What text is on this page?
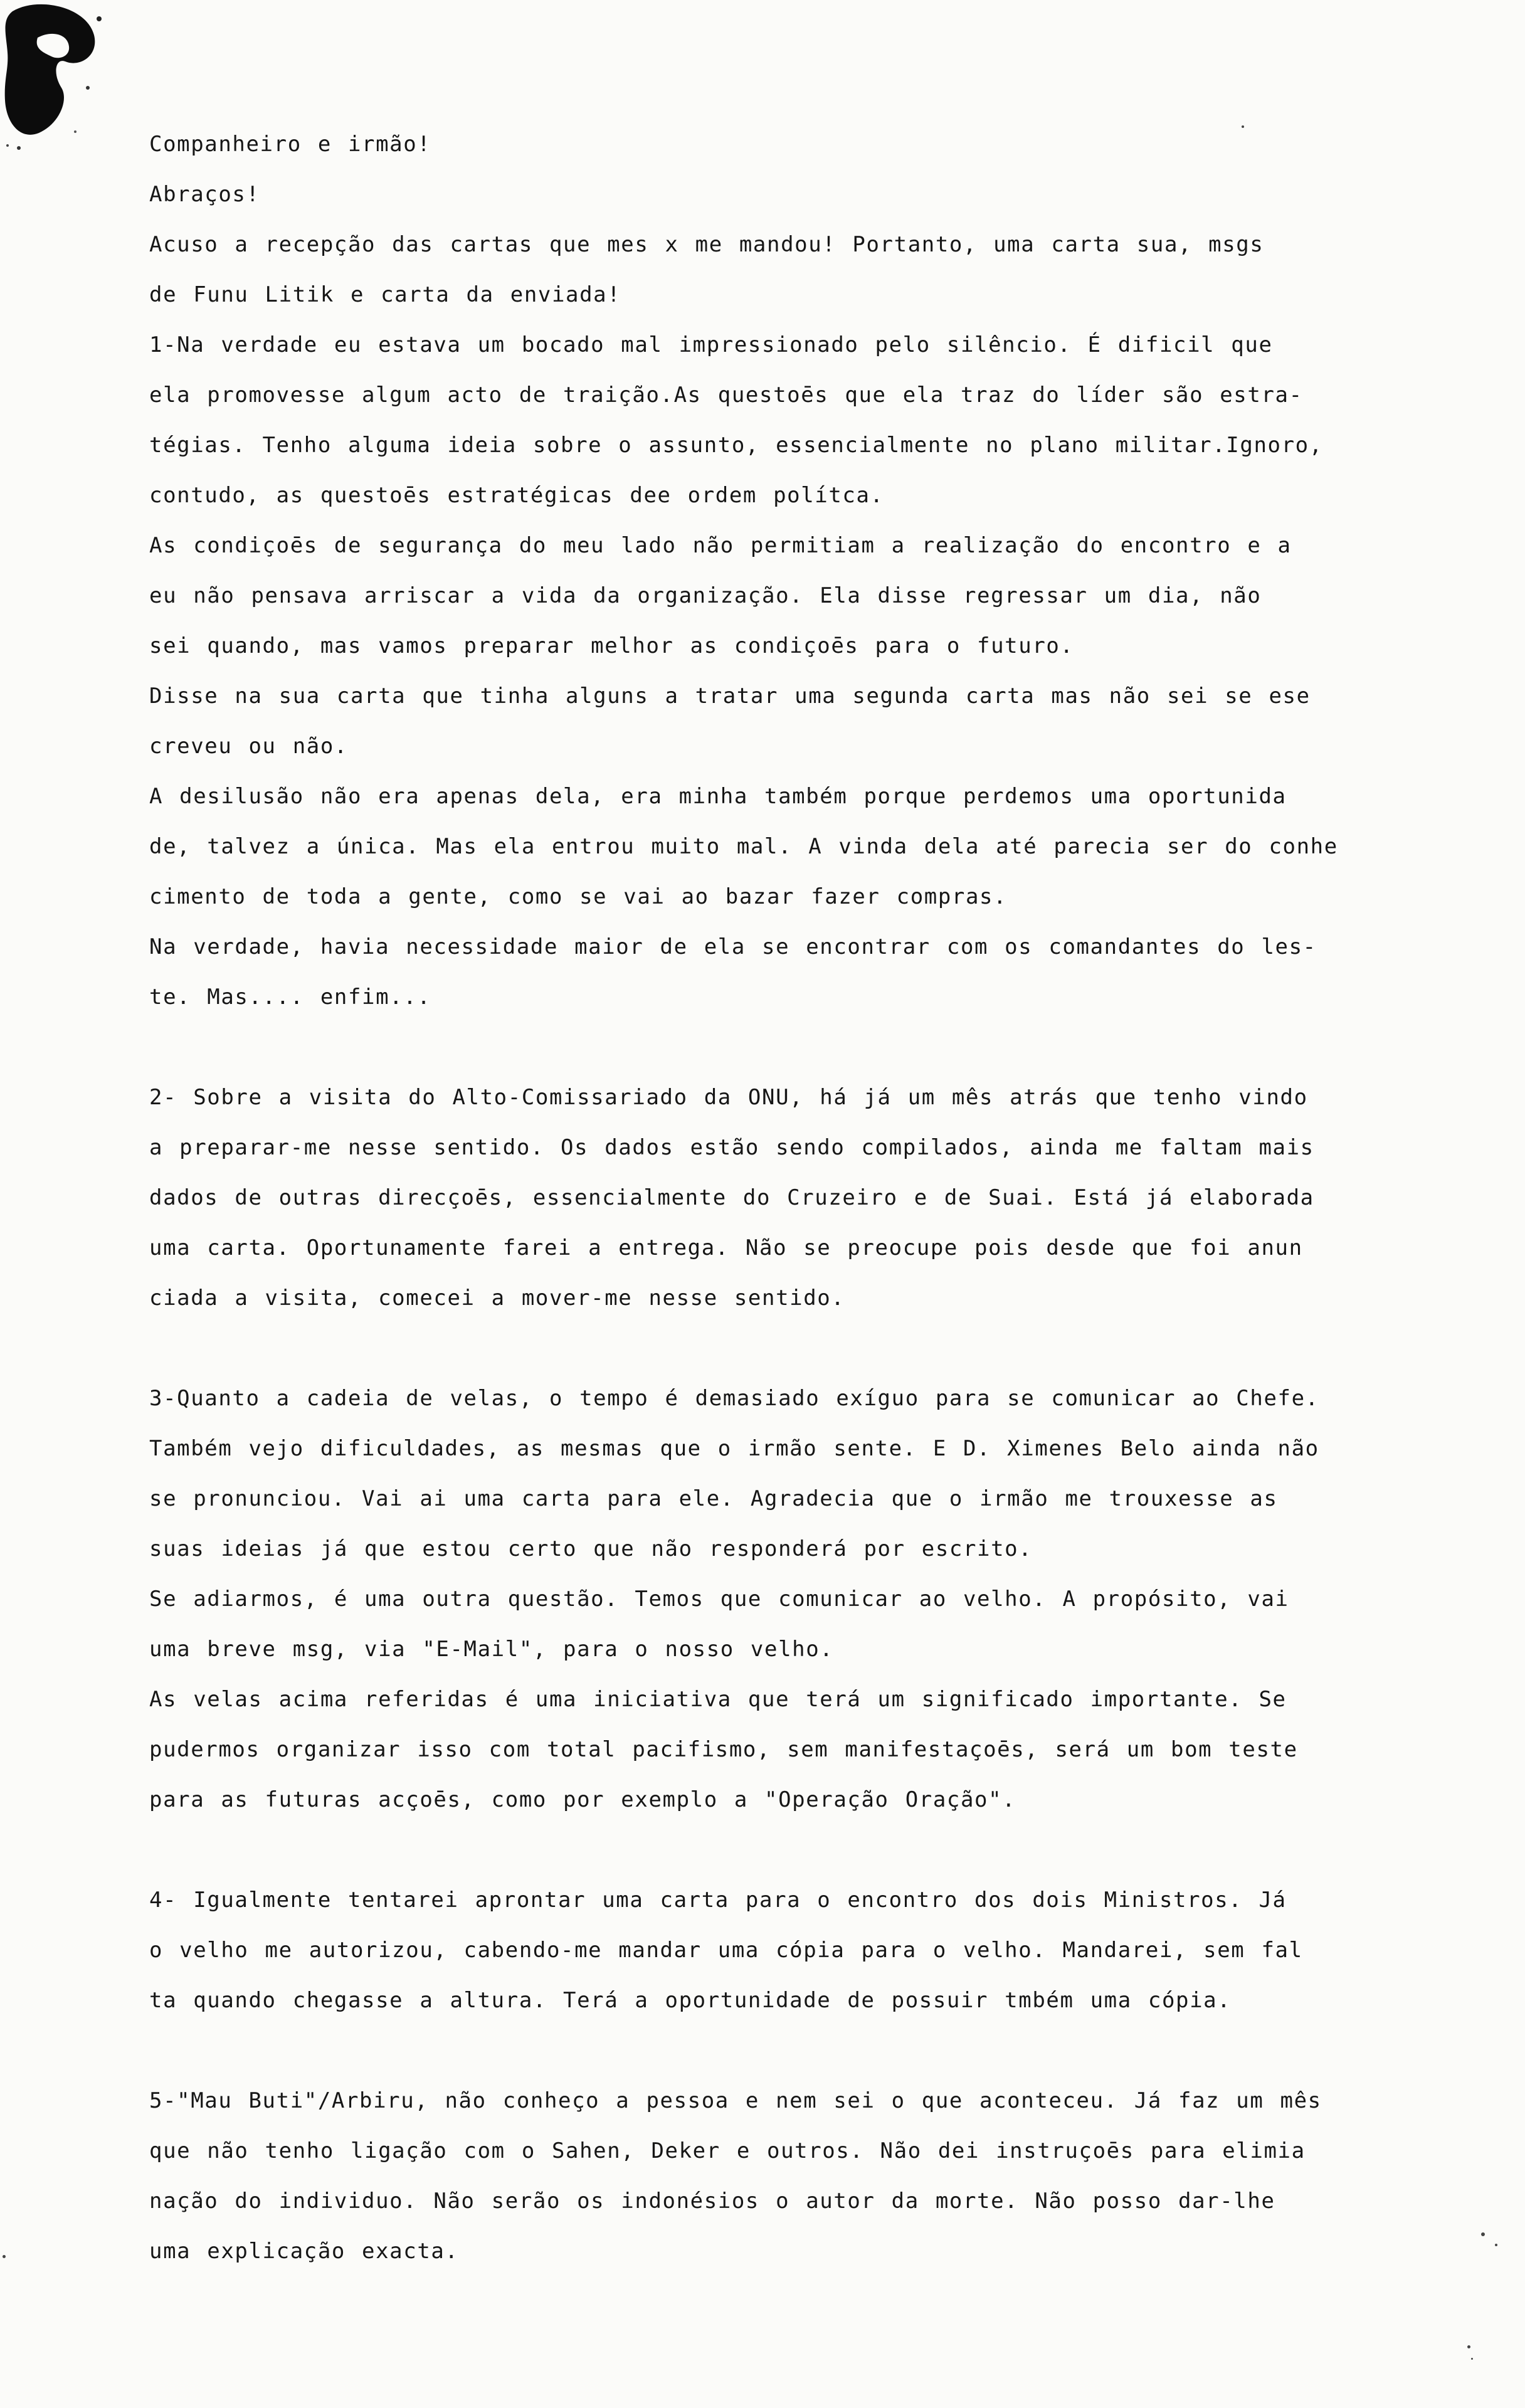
Companheiro e irmão!
Abraços!
Acuso a recepção das cartas que mes x me mandou! Portanto, uma carta sua, msgs
de Funu Litik e carta da enviada!
1-Na verdade eu estava um bocado mal impressionado pelo silêncio. É dificil que
ela promovesse algum acto de traição.As questoēs que ela traz do líder são estra-
tégias. Tenho alguma ideia sobre o assunto, essencialmente no plano militar.Ignoro,
contudo, as questoēs estratégicas dee ordem polítca.
As condiçoēs de segurança do meu lado não permitiam a realização do encontro e a
eu não pensava arriscar a vida da organização. Ela disse regressar um dia, não
sei quando, mas vamos preparar melhor as condiçoēs para o futuro.
Disse na sua carta que tinha alguns a tratar uma segunda carta mas não sei se ese
creveu ou não.
A desilusão não era apenas dela, era minha também porque perdemos uma oportunida
de, talvez a única. Mas ela entrou muito mal. A vinda dela até parecia ser do conhe
cimento de toda a gente, como se vai ao bazar fazer compras.
Na verdade, havia necessidade maior de ela se encontrar com os comandantes do les-
te. Mas.... enfim...
2- Sobre a visita do Alto-Comissariado da ONU, há já um mês atrás que tenho vindo
a preparar-me nesse sentido. Os dados estão sendo compilados, ainda me faltam mais
dados de outras direcçoēs, essencialmente do Cruzeiro e de Suai. Está já elaborada
uma carta. Oportunamente farei a entrega. Não se preocupe pois desde que foi anun
ciada a visita, comecei a mover-me nesse sentido.
3-Quanto a cadeia de velas, o tempo é demasiado exíguo para se comunicar ao Chefe.
Também vejo dificuldades, as mesmas que o irmão sente. E D. Ximenes Belo ainda não
se pronunciou. Vai ai uma carta para ele. Agradecia que o irmão me trouxesse as
suas ideias já que estou certo que não responderá por escrito.
Se adiarmos, é uma outra questão. Temos que comunicar ao velho. A propósito, vai
uma breve msg, via "E-Mail", para o nosso velho.
As velas acima referidas é uma iniciativa que terá um significado importante. Se
pudermos organizar isso com total pacifismo, sem manifestaçoēs, será um bom teste
para as futuras acçoēs, como por exemplo a "Operação Oração".
4- Igualmente tentarei aprontar uma carta para o encontro dos dois Ministros. Já
o velho me autorizou, cabendo-me mandar uma cópia para o velho. Mandarei, sem fal
ta quando chegasse a altura. Terá a oportunidade de possuir tmbém uma cópia.
5-"Mau Buti"/Arbiru, não conheço a pessoa e nem sei o que aconteceu. Já faz um mês
que não tenho ligação com o Sahen, Deker e outros. Não dei instruçoēs para elimia
nação do individuo. Não serão os indonésios o autor da morte. Não posso dar-lhe
uma explicação exacta.
